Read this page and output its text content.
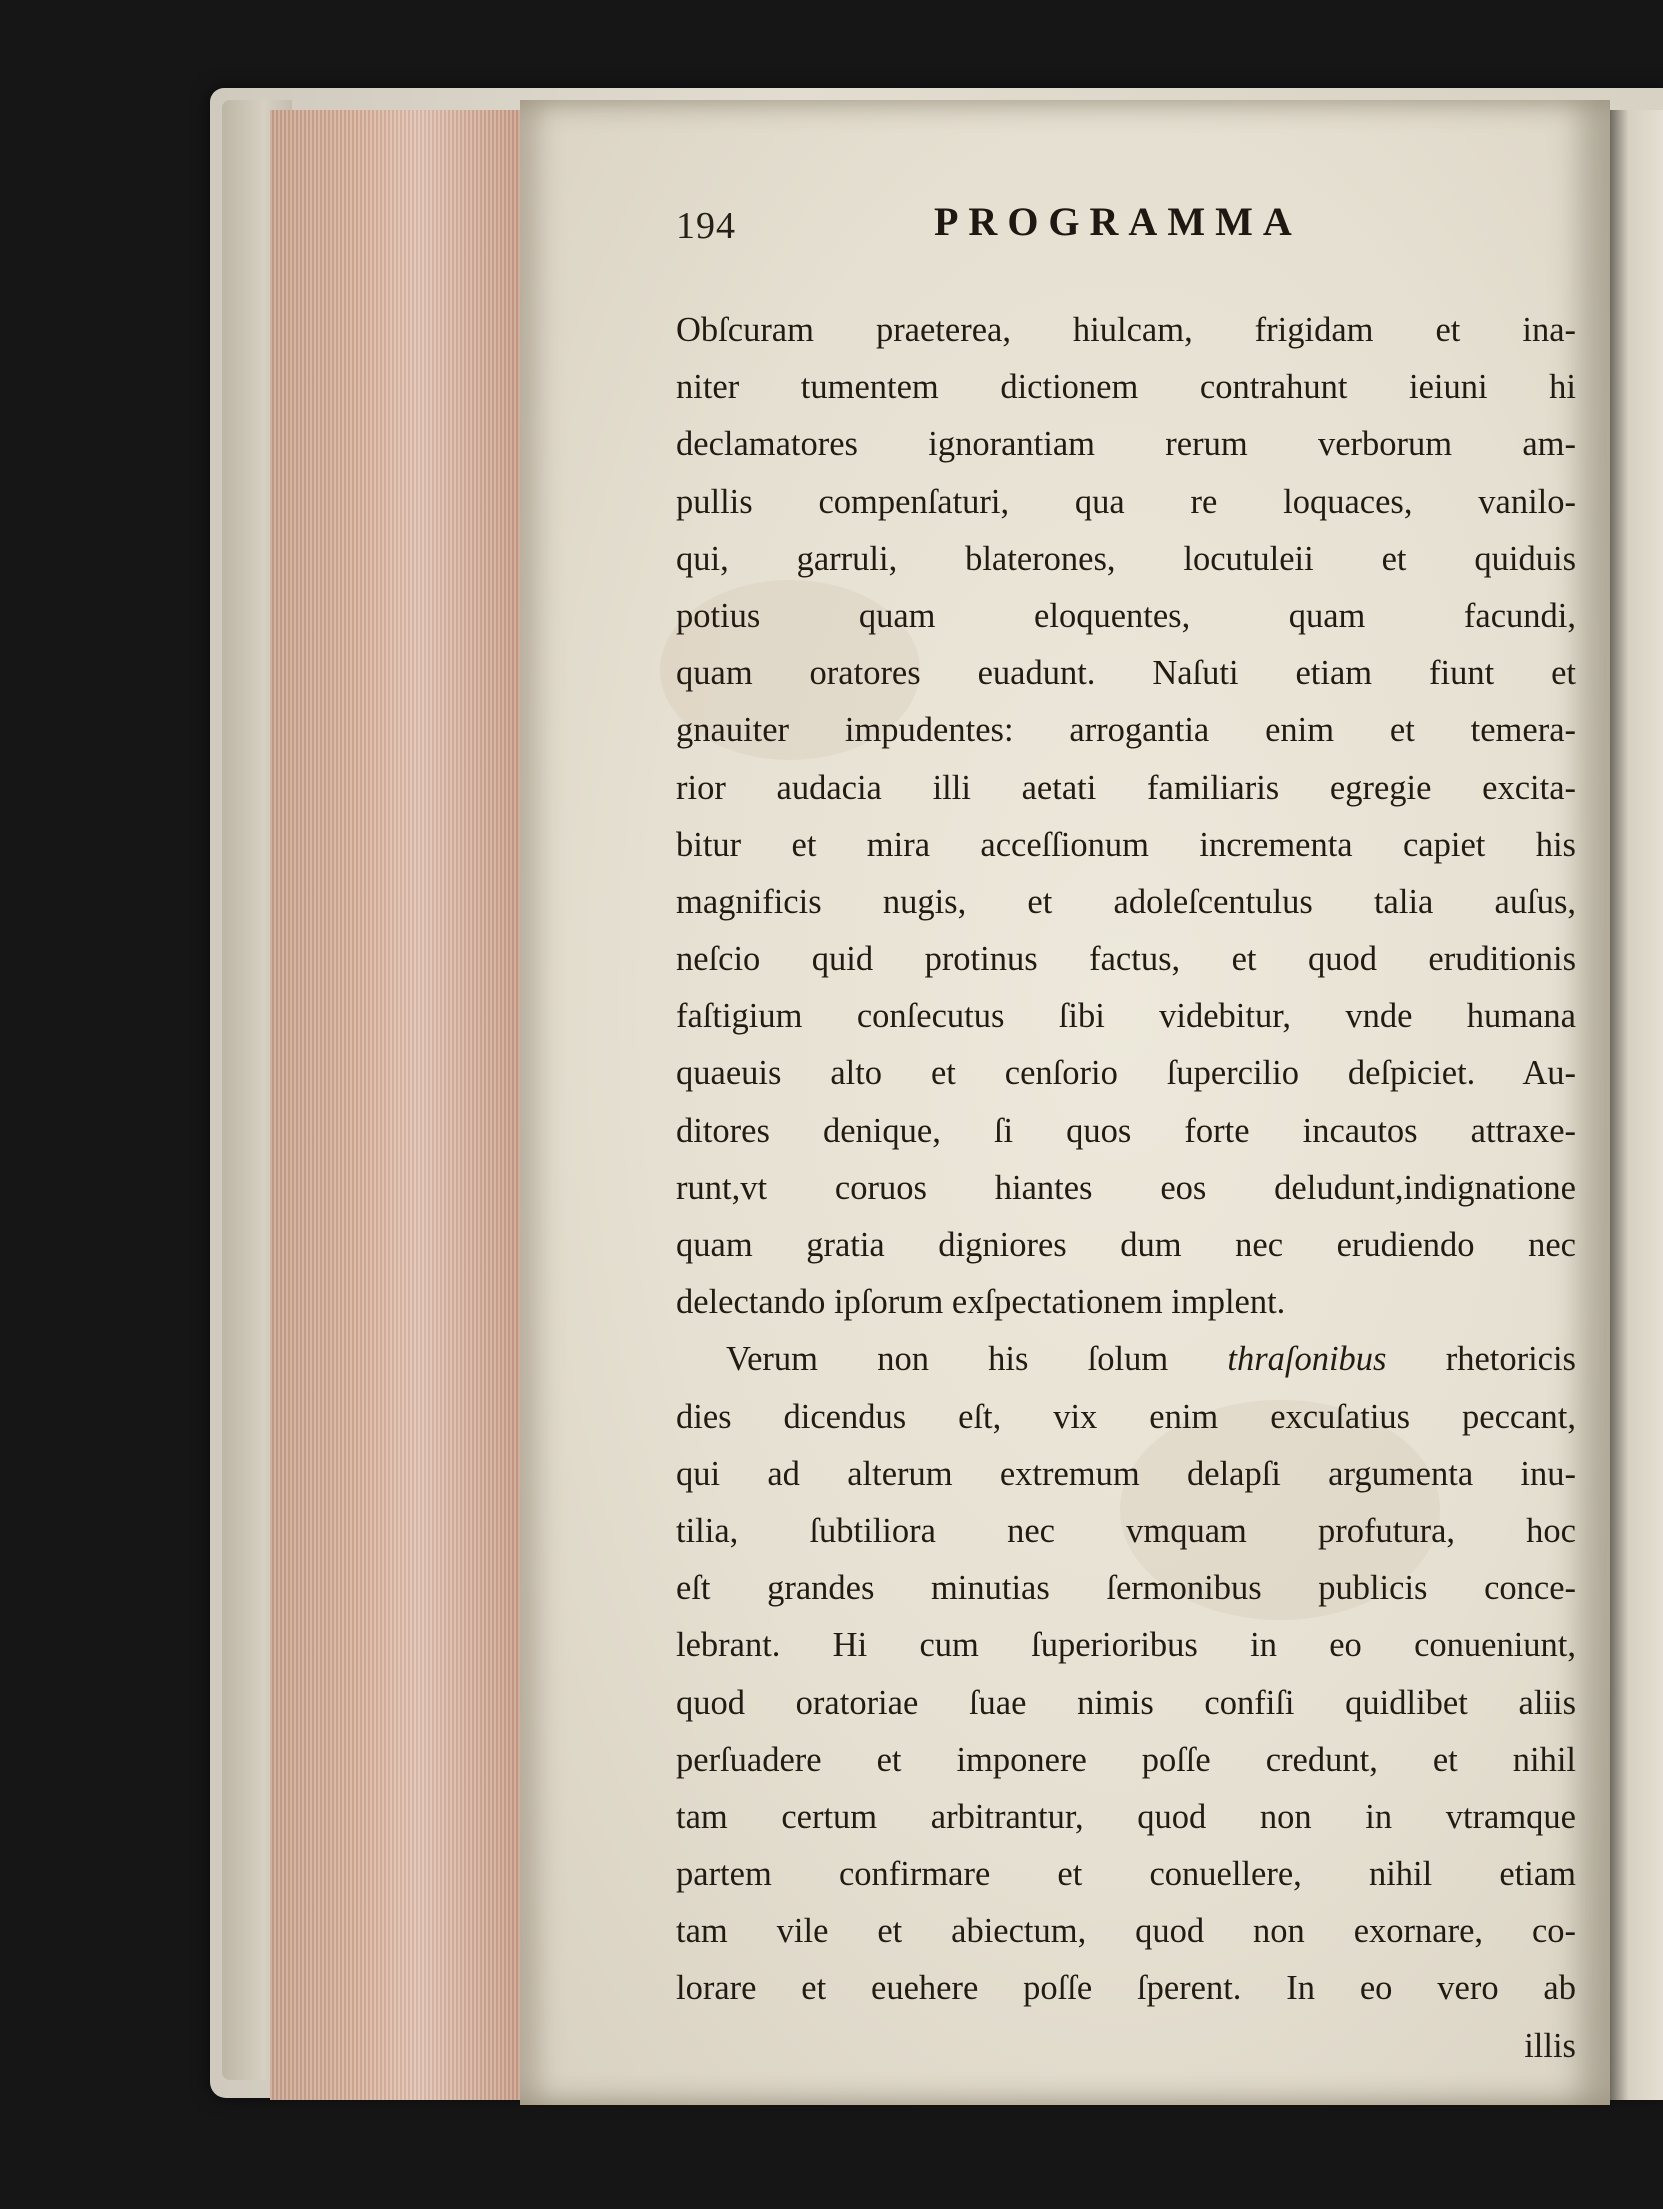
194	PROGRAMMA
Obſcuram praeterea, hiulcam, frigidam et ina-
niter tumentem dictionem contrahunt ieiuni hi
declamatores ignorantiam rerum verborum am-
pullis compenſaturi, qua re loquaces, vanilo-
qui, garruli, blaterones, locutuleii et quiduis
potius quam eloquentes, quam facundi,
quam oratores euadunt. Naſuti etiam fiunt et
gnauiter impudentes: arrogantia enim et temera-
rior audacia illi aetati familiaris egregie excita-
bitur et mira acceſſionum incrementa capiet his
magnificis nugis, et adoleſcentulus talia auſus,
neſcio quid protinus factus, et quod eruditionis
faſtigium conſecutus ſibi videbitur, vnde humana
quaeuis alto et cenſorio ſupercilio deſpiciet. Au-
ditores denique, ſi quos forte incautos attraxe-
runt,vt coruos hiantes eos deludunt,indignatione
quam gratia digniores dum nec erudiendo nec
delectando ipſorum exſpectationem implent.
Verum non his ſolum thraſonibus rhetoricis
dies dicendus eſt, vix enim excuſatius peccant,
qui ad alterum extremum delapſi argumenta inu-
tilia, ſubtiliora nec vmquam profutura, hoc
eſt grandes minutias ſermonibus publicis conce-
lebrant. Hi cum ſuperioribus in eo conueniunt,
quod oratoriae ſuae nimis confiſi quidlibet aliis
perſuadere et imponere poſſe credunt, et nihil
tam certum arbitrantur, quod non in vtramque
partem confirmare et conuellere, nihil etiam
tam vile et abiectum, quod non exornare, co-
lorare et euehere poſſe ſperent. In eo vero ab
illis
